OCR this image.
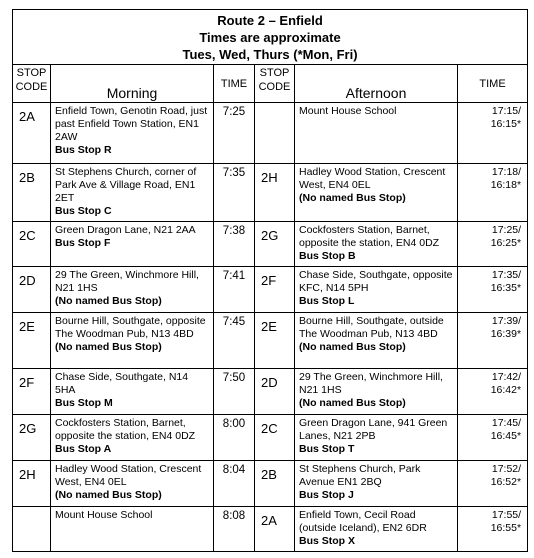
Route 2 – Enfield
Times are approximate
Tues, Wed, Thurs (*Mon, Fri)					

STOP CODE	Morning	TIME	STOP CODE	Afternoon	TIME
2A	Enfield Town, Genotin Road, just past Enfield Town Station, EN1 2AW
Bus Stop R	7:25		Mount House School	17:15/
16:15*

2B	St Stephens Church, corner of Park Ave & Village Road, EN1 2ET
Bus Stop C	7:35	2H	Hadley Wood Station, Crescent West, EN4 0EL
(No named Bus Stop)	17:18/
16:18*

2C	Green Dragon Lane, N21 2AA
Bus Stop F	7:38	2G	Cockfosters Station, Barnet, opposite the station, EN4 0DZ
Bus Stop B	17:25/
16:25*

2D	29 The Green, Winchmore Hill, N21 1HS
(No named Bus Stop)	7:41	2F	Chase Side, Southgate, opposite KFC, N14 5PH
Bus Stop L	17:35/
16:35*

2E	Bourne Hill, Southgate, opposite The Woodman Pub, N13 4BD
(No named Bus Stop)	7:45	2E	Bourne Hill, Southgate, outside The Woodman Pub, N13 4BD
(No named Bus Stop)	17:39/
16:39*

2F	Chase Side, Southgate, N14 5HA
Bus Stop M	7:50	2D	29 The Green, Winchmore Hill, N21 1HS
(No named Bus Stop)	17:42/
16:42*

2G	Cockfosters Station, Barnet, opposite the station, EN4 0DZ
Bus Stop A	8:00	2C	Green Dragon Lane, 941 Green Lanes, N21 2PB
Bus Stop T	17:45/
16:45*

2H	Hadley Wood Station, Crescent West, EN4 0EL
(No named Bus Stop)	8:04	2B	St Stephens Church, Park Avenue EN1 2BQ
Bus Stop J	17:52/
16:52*

	Mount House School	8:08	2A	Enfield Town, Cecil Road (outside Iceland), EN2 6DR
Bus Stop X	17:55/
16:55*
